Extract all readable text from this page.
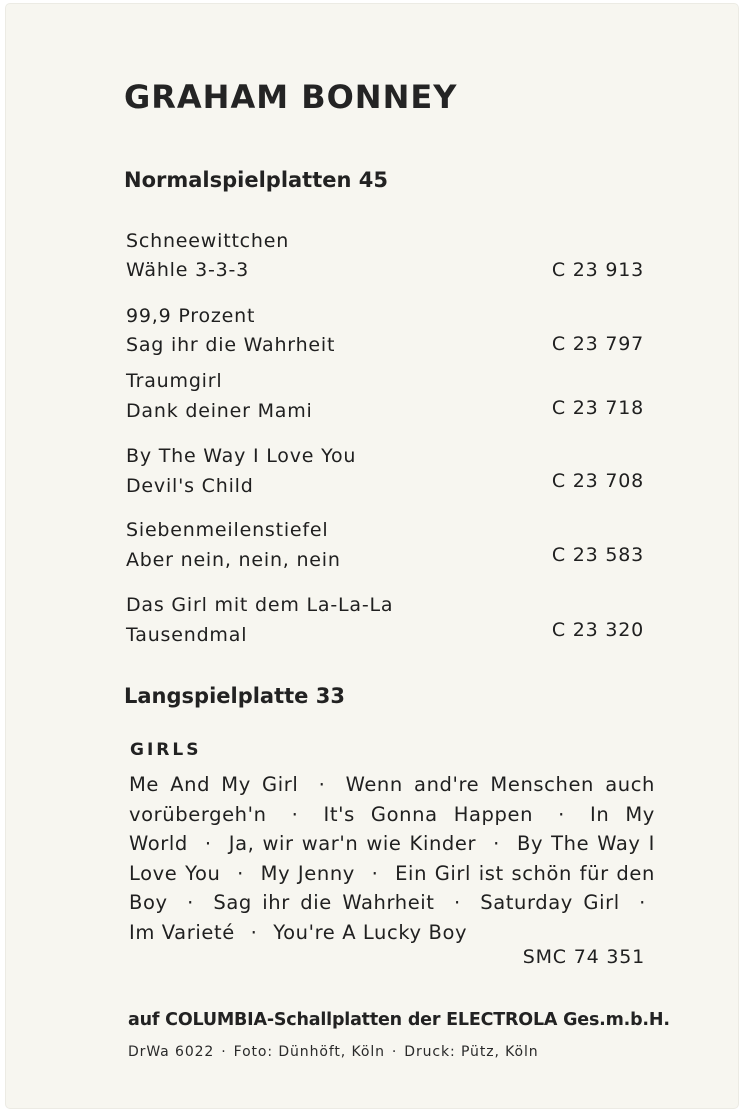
GRAHAM BONNEY
Normalspielplatten 45
Schneewittchen
Wähle 3-3-3	C 23 913
99,9 Prozent
Sag ihr die Wahrheit	C 23 797
Traumgirl
Dank deiner Mami	C 23 718
By The Way I Love You
Devil's Child	C 23 708
Siebenmeilenstiefel
Aber nein, nein, nein	C 23 583
Das Girl mit dem La-La-La
Tausendmal	C 23 320
Langspielplatte 33
GIRLS
Me And My Girl · Wenn and're Menschen auch vorübergeh'n · It's Gonna Happen · In My World · Ja, wir war'n wie Kinder · By The Way I Love You · My Jenny · Ein Girl ist schön für den Boy · Sag ihr die Wahrheit · Saturday Girl · Im Varieté · You're A Lucky Boy
SMC 74 351
auf COLUMBIA-Schallplatten der ELECTROLA Ges.m.b.H.
DrWa 6022 · Foto: Dünhöft, Köln · Druck: Pütz, Köln
